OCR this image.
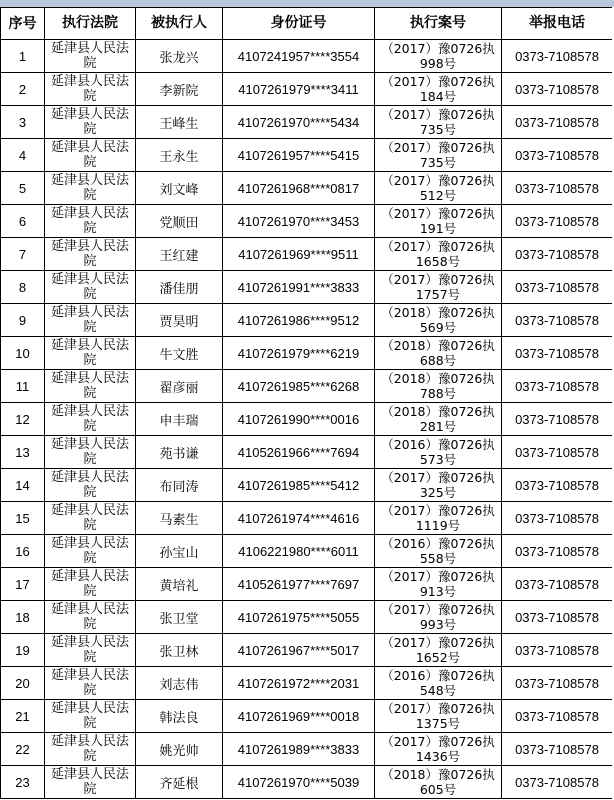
序号	执行法院	被执行人	身份证号	执行案号	举报电话
1	延津县人民法院	张龙兴	4107241957****3554	（2017）豫0726执998号	0373-7108578
2	延津县人民法院	李新院	4107261979****3411	（2017）豫0726执184号	0373-7108578
3	延津县人民法院	王峰生	4107261970****5434	（2017）豫0726执735号	0373-7108578
4	延津县人民法院	王永生	4107261957****5415	（2017）豫0726执735号	0373-7108578
5	延津县人民法院	刘文峰	4107261968****0817	（2017）豫0726执512号	0373-7108578
6	延津县人民法院	党顺田	4107261970****3453	（2017）豫0726执191号	0373-7108578
7	延津县人民法院	王红建	4107261969****9511	（2017）豫0726执1658号	0373-7108578
8	延津县人民法院	潘佳朋	4107261991****3833	（2017）豫0726执1757号	0373-7108578
9	延津县人民法院	贾昊明	4107261986****9512	（2018）豫0726执569号	0373-7108578
10	延津县人民法院	牛文胜	4107261979****6219	（2018）豫0726执688号	0373-7108578
11	延津县人民法院	翟彦丽	4107261985****6268	（2018）豫0726执788号	0373-7108578
12	延津县人民法院	申丰瑞	4107261990****0016	（2018）豫0726执281号	0373-7108578
13	延津县人民法院	苑书谦	4105261966****7694	（2016）豫0726执573号	0373-7108578
14	延津县人民法院	布同涛	4107261985****5412	（2017）豫0726执325号	0373-7108578
15	延津县人民法院	马素生	4107261974****4616	（2017）豫0726执1119号	0373-7108578
16	延津县人民法院	孙宝山	4106221980****6011	（2016）豫0726执558号	0373-7108578
17	延津县人民法院	黄培礼	4105261977****7697	（2017）豫0726执913号	0373-7108578
18	延津县人民法院	张卫堂	4107261975****5055	（2017）豫0726执993号	0373-7108578
19	延津县人民法院	张卫林	4107261967****5017	（2017）豫0726执1652号	0373-7108578
20	延津县人民法院	刘志伟	4107261972****2031	（2016）豫0726执548号	0373-7108578
21	延津县人民法院	韩法良	4107261969****0018	（2017）豫0726执1375号	0373-7108578
22	延津县人民法院	姚光帅	4107261989****3833	（2017）豫0726执1436号	0373-7108578
23	延津县人民法院	齐延根	4107261970****5039	（2018）豫0726执605号	0373-7108578
